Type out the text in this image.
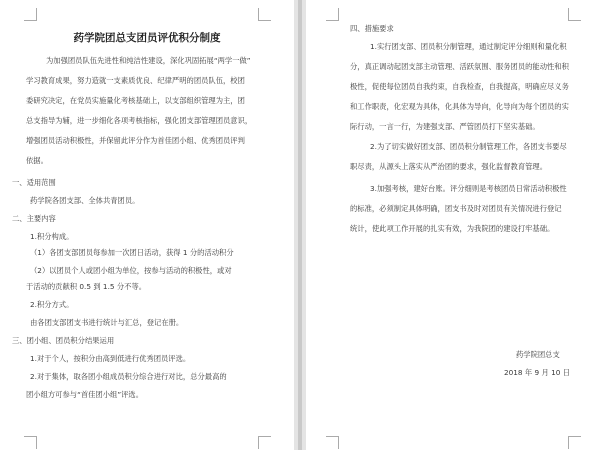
药学院团总支团员评优积分制度
为加强团员队伍先进性和纯洁性建设，深化巩固拓展“两学一做”
学习教育成果，努力造就一支素质优良、纪律严明的团员队伍，校团
委研究决定，在党员实施量化考核基础上，以支部组织管理为主，团
总支指导为辅，进一步细化各项考核指标，强化团支部管理团员意识，
增强团员活动积极性，并保留此评分作为首佳团小组、优秀团员评判
依据。
一、适用范围
药学院各团支部、全体共青团员。
二、主要内容
1.积分构成。
（1）各团支部团员每参加一次团日活动，获得 1 分的活动积分
（2）以团员个人或团小组为单位，按参与活动的积极性，或对
于活动的贡献积 0.5 到 1.5 分不等。
2.积分方式。
由各团支部团支书进行统计与汇总，登记在册。
三、团小组、团员积分结果运用
1.对于个人，按积分由高到低进行优秀团员评选。
2.对于集体，取各团小组成员积分综合进行对比，总分最高的
团小组方可参与“首佳团小组”评选。
四、措施要求
1.实行团支部、团员积分制管理，通过制定评分细则和量化积
分，真正调动起团支部主动管理、活跃氛围、服务团员的能动性和积
极性，促使每位团员自我约束，自我检查，自我提高，明确应尽义务
和工作职责，化宏观为具体，化具体为导向，化导向为每个团员的实
际行动，一言一行，为建强支部、严管团员打下坚实基础。
2.为了切实做好团支部、团员积分制管理工作，各团支书要尽
职尽责，从源头上落实从严治团的要求，强化监督教育管理。
3.加强考核，建好台账。评分细则是考核团员日常活动积极性
的标准，必须制定具体明确，团支书及时对团员有关情况进行登记
统计，使此项工作开展的扎实有效，为我院团的建设打牢基础。
药学院团总支
2018 年 9 月 10 日
